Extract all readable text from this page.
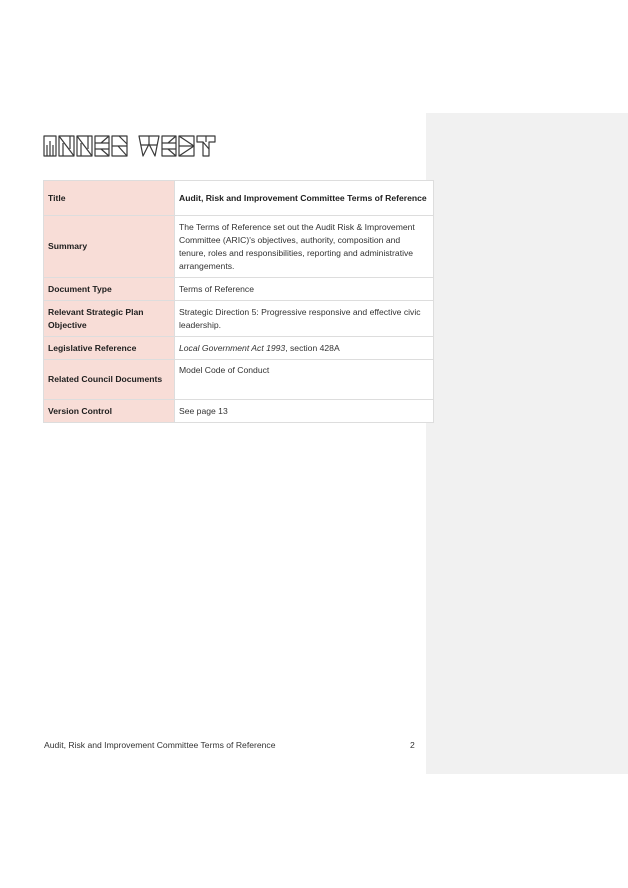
Title	Audit, Risk and Improvement Committee Terms of Reference
Summary	The Terms of Reference set out the Audit Risk & Improvement Committee (ARIC)'s objectives, authority, composition and tenure, roles and responsibilities, reporting and administrative arrangements.
Document Type	Terms of Reference
Relevant Strategic Plan Objective	Strategic Direction 5: Progressive responsive and effective civic leadership.
Legislative Reference	Local Government Act 1993, section 428A
Related Council Documents	Model Code of Conduct
Version Control	See page 13
Audit, Risk and Improvement Committee Terms of Reference	2
